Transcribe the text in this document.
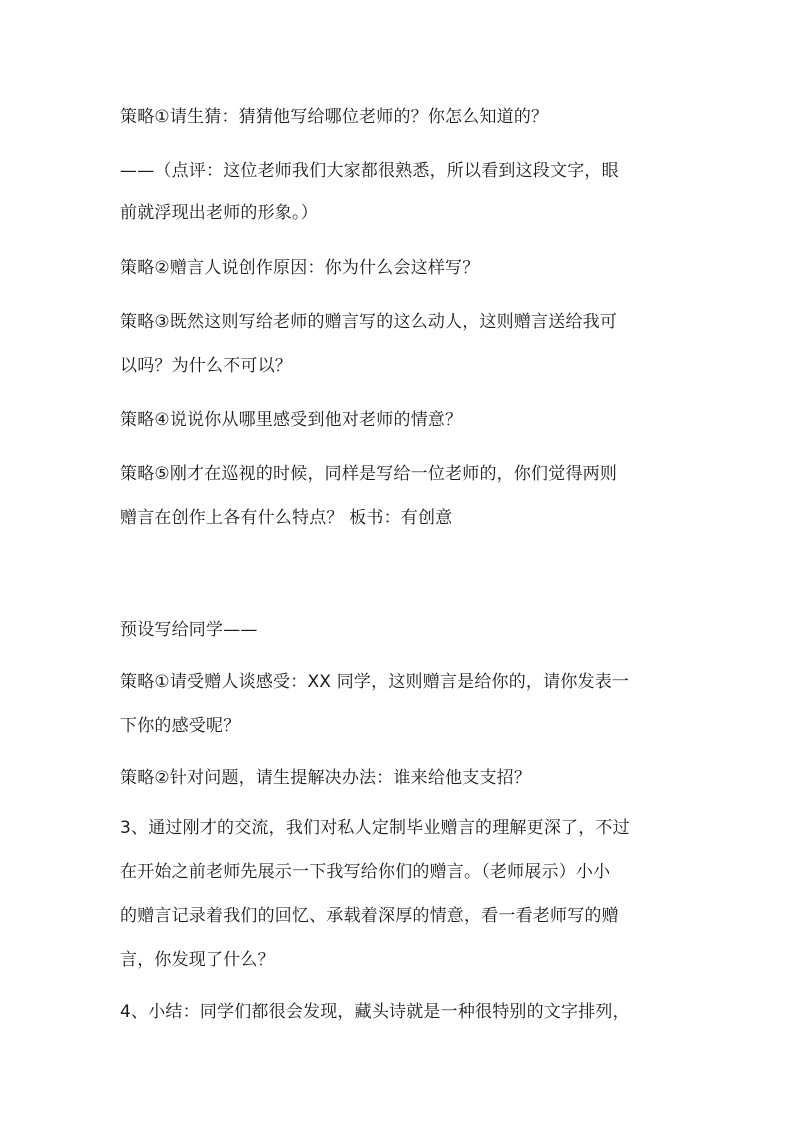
策略①请生猜：猜猜他写给哪位老师的？你怎么知道的？
——（点评：这位老师我们大家都很熟悉，所以看到这段文字，眼
前就浮现出老师的形象。）
策略②赠言人说创作原因：你为什么会这样写？
策略③既然这则写给老师的赠言写的这么动人，这则赠言送给我可
以吗？为什么不可以？
策略④说说你从哪里感受到他对老师的情意？
策略⑤刚才在巡视的时候，同样是写给一位老师的，你们觉得两则
赠言在创作上各有什么特点？ 板书：有创意
预设写给同学——
策略①请受赠人谈感受：XX 同学，这则赠言是给你的，请你发表一
下你的感受呢？
策略②针对问题，请生提解决办法：谁来给他支支招？
3、通过刚才的交流，我们对私人定制毕业赠言的理解更深了，不过
在开始之前老师先展示一下我写给你们的赠言。（老师展示）小小
的赠言记录着我们的回忆、承载着深厚的情意，看一看老师写的赠
言，你发现了什么？
4、小结：同学们都很会发现，藏头诗就是一种很特别的文字排列，
